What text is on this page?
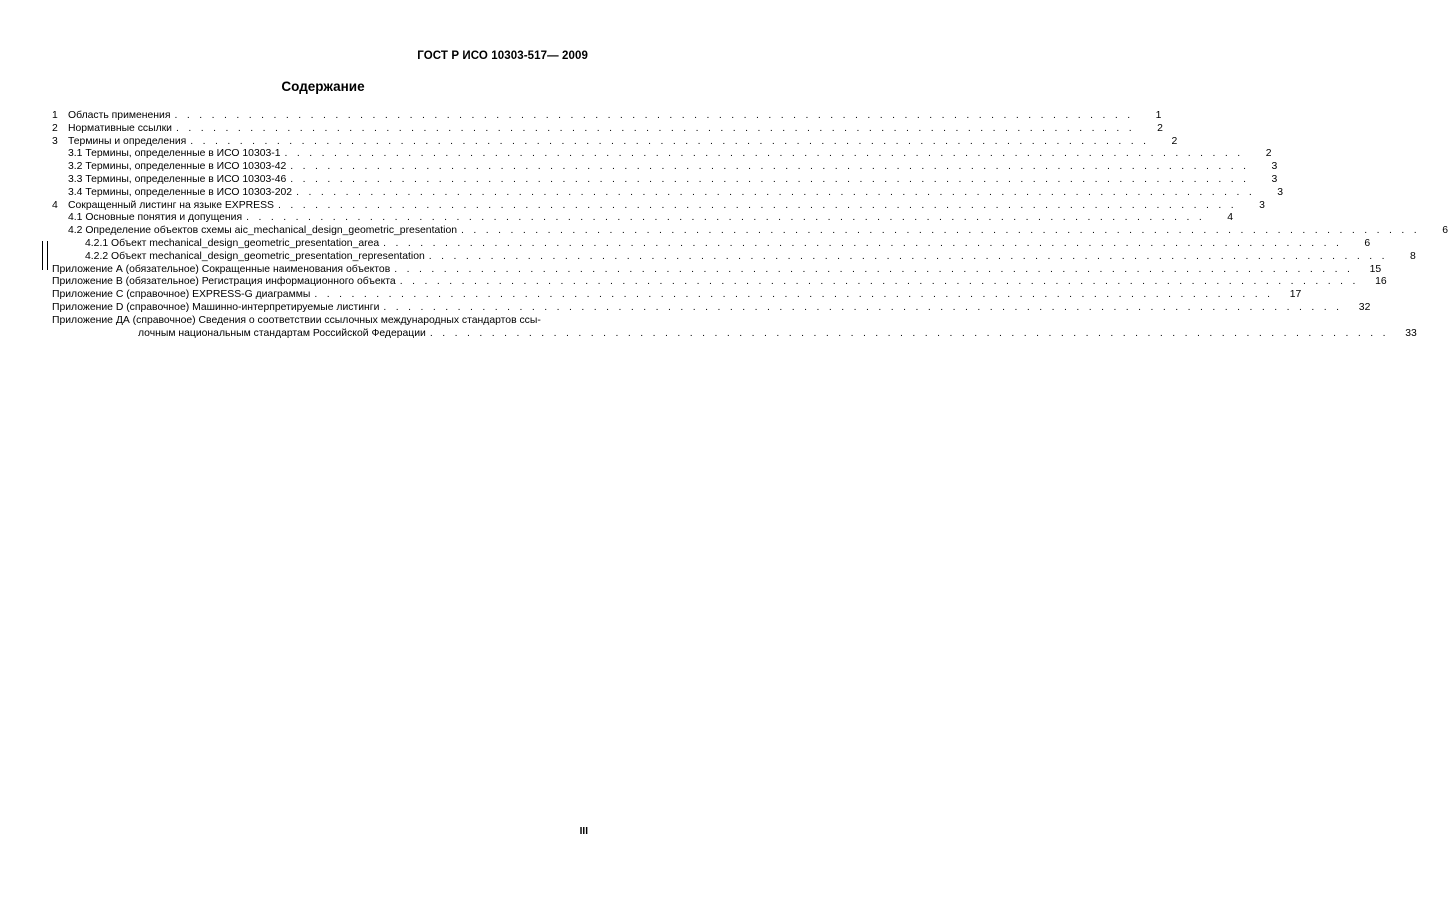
ГОСТ Р ИСО 10303-517— 2009
Содержание
1 Область применения . . . . . . . . . . . . . . . . . . . . . . . . . . . . . . . . . . . . . . . . . . . . . . . . . . . . . . . . . . . . . . . . . . . . . . . . . . . . . .	1
2 Нормативные ссылки . . . . . . . . . . . . . . . . . . . . . . . . . . . . . . . . . . . . . . . . . . . . . . . . . . . . . . . . . . . . . . . . . . . . . . . . . . . . . .	2
3 Термины и определения . . . . . . . . . . . . . . . . . . . . . . . . . . . . . . . . . . . . . . . . . . . . . . . . . . . . . . . . . . . . . . . . . . . . . . . . . . . . . .	2
3.1 Термины, определенные в ИСО 10303-1 . . . . . . . . . . . . . . . . . . . . . . . . . . . . . . . . . . . . . . . . . . . . . . . . . . . . . . . . . . . . . . . . . . . . . . . . . . . . . .	2
3.2 Термины, определенные в ИСО 10303-42 . . . . . . . . . . . . . . . . . . . . . . . . . . . . . . . . . . . . . . . . . . . . . . . . . . . . . . . . . . . . . . . . . . . . . . . . . . . . . .	3
3.3 Термины, определенные в ИСО 10303-46 . . . . . . . . . . . . . . . . . . . . . . . . . . . . . . . . . . . . . . . . . . . . . . . . . . . . . . . . . . . . . . . . . . . . . . . . . . . . . .	3
3.4 Термины, определенные в ИСО 10303-202 . . . . . . . . . . . . . . . . . . . . . . . . . . . . . . . . . . . . . . . . . . . . . . . . . . . . . . . . . . . . . . . . . . . . . . . . . . . . . .	3
4 Сокращенный листинг на языке EXPRESS . . . . . . . . . . . . . . . . . . . . . . . . . . . . . . . . . . . . . . . . . . . . . . . . . . . . . . . . . . . . . . . . . . . . . . . . . . . . . .	3
4.1 Основные понятия и допущения . . . . . . . . . . . . . . . . . . . . . . . . . . . . . . . . . . . . . . . . . . . . . . . . . . . . . . . . . . . . . . . . . . . . . . . . . . . . . .	4
4.2 Определение объектов схемы aic_mechanical_design_geometric_presentation . . . . . . . . . . . . . . . . . . . . . . . . . . . . . . . . . . . . . . . . . . . . . . . . . . . . . . . . . . . . . . . . . . . . . . . . . . . . . .	6
4.2.1 Объект mechanical_design_geometric_presentation_area . . . . . . . . . . . . . . . . . . . . . . . . . . . . . . . . . . . . . . . . . . . . . . . . . . . . . . . . . . . . . . . . . . . . . . . . . . . . . .	6
4.2.2 Объект mechanical_design_geometric_presentation_representation . . . . . . . . . . . . . . . . . . . . . . . . . . . . . . . . . . . . . . . . . . . . . . . . . . . . . . . . . . . . . . . . . . . . . . . . . . . . . .	8
Приложение А (обязательное) Сокращенные наименования объектов . . . . . . . . . . . . . . . . . . . . . . . . . . . . . . . . . . . . . . . . . . . . . . . . . . . . . . . . . . . . . . . . . . . . . . . . . . . . . .	15
Приложение В (обязательное) Регистрация информационного объекта . . . . . . . . . . . . . . . . . . . . . . . . . . . . . . . . . . . . . . . . . . . . . . . . . . . . . . . . . . . . . . . . . . . . . . . . . . . . . .	16
Приложение С (справочное) EXPRESS-G диаграммы . . . . . . . . . . . . . . . . . . . . . . . . . . . . . . . . . . . . . . . . . . . . . . . . . . . . . . . . . . . . . . . . . . . . . . . . . . . . . .	17
Приложение D (справочное) Машинно-интерпретируемые листинги . . . . . . . . . . . . . . . . . . . . . . . . . . . . . . . . . . . . . . . . . . . . . . . . . . . . . . . . . . . . . . . . . . . . . . . . . . . . . .	32
Приложение ДА (справочное) Сведения о соответствии ссылочных международных стандартов ссы-
лочным национальным стандартам Российской Федерации . . . . . . . . . . . . . . . . . . . . . . . . . . . . . . . . . . . . . . . . . . . . . . . . . . . . . . . . . . . . . . . . . . . . . . . . . . . . . .	33
III
